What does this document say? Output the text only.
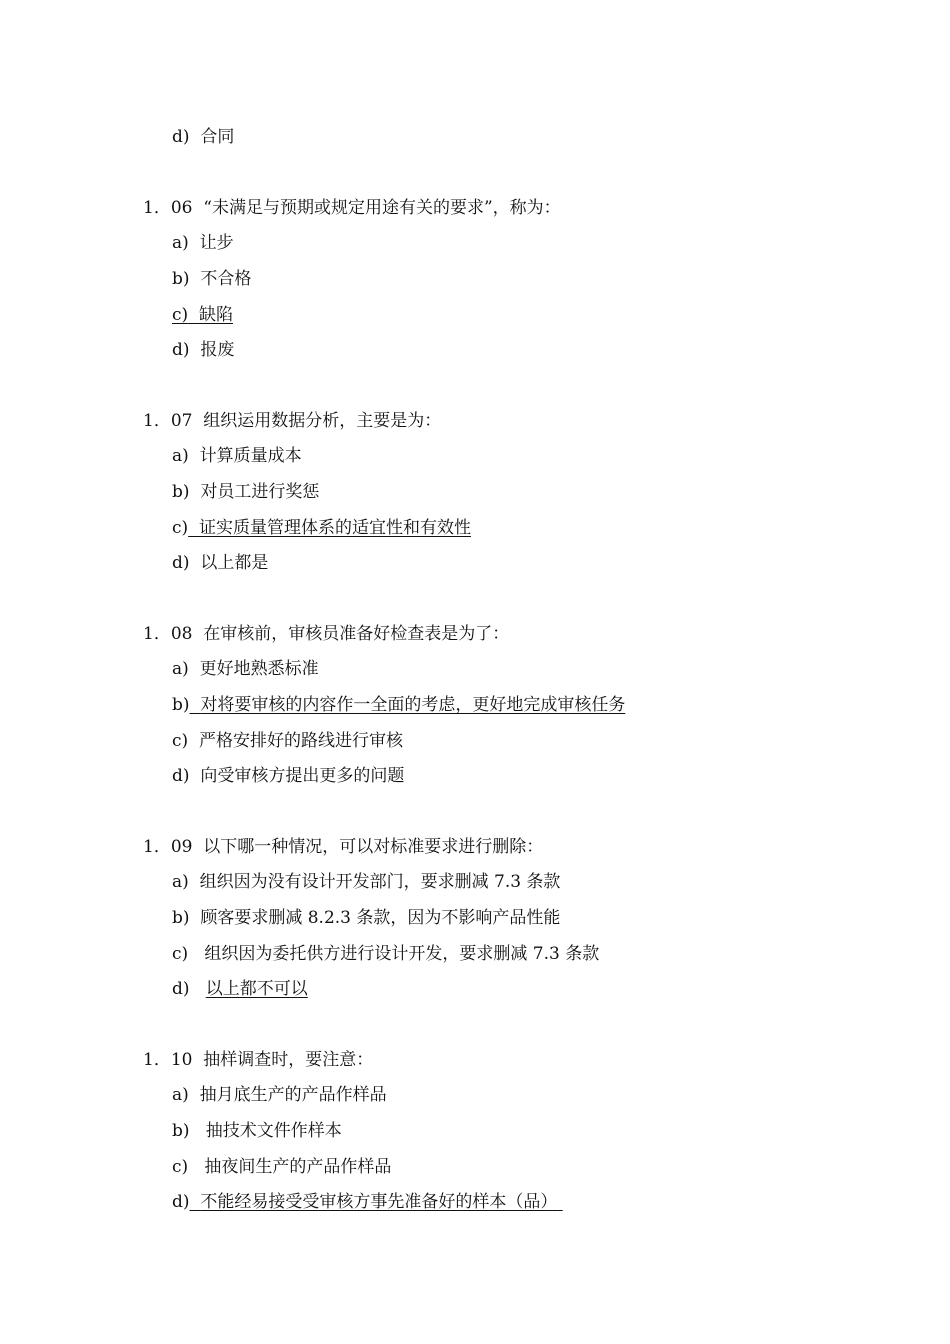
d) 合同
1．06 “未满足与预期或规定用途有关的要求”，称为：
a) 让步
b) 不合格
c) 缺陷
d) 报废
1．07 组织运用数据分析，主要是为：
a) 计算质量成本
b) 对员工进行奖惩
c) 证实质量管理体系的适宜性和有效性
d) 以上都是
1．08 在审核前，审核员准备好检查表是为了：
a) 更好地熟悉标准
b) 对将要审核的内容作一全面的考虑，更好地完成审核任务
c) 严格安排好的路线进行审核
d) 向受审核方提出更多的问题
1．09 以下哪一种情况，可以对标准要求进行删除：
a) 组织因为没有设计开发部门，要求删减 7.3 条款
b) 顾客要求删减 8.2.3 条款，因为不影响产品性能
c) 组织因为委托供方进行设计开发，要求删减 7.3 条款
d) 以上都不可以
1．10 抽样调查时，要注意：
a) 抽月底生产的产品作样品
b) 抽技术文件作样本
c) 抽夜间生产的产品作样品
d) 不能经易接受受审核方事先准备好的样本（品）
